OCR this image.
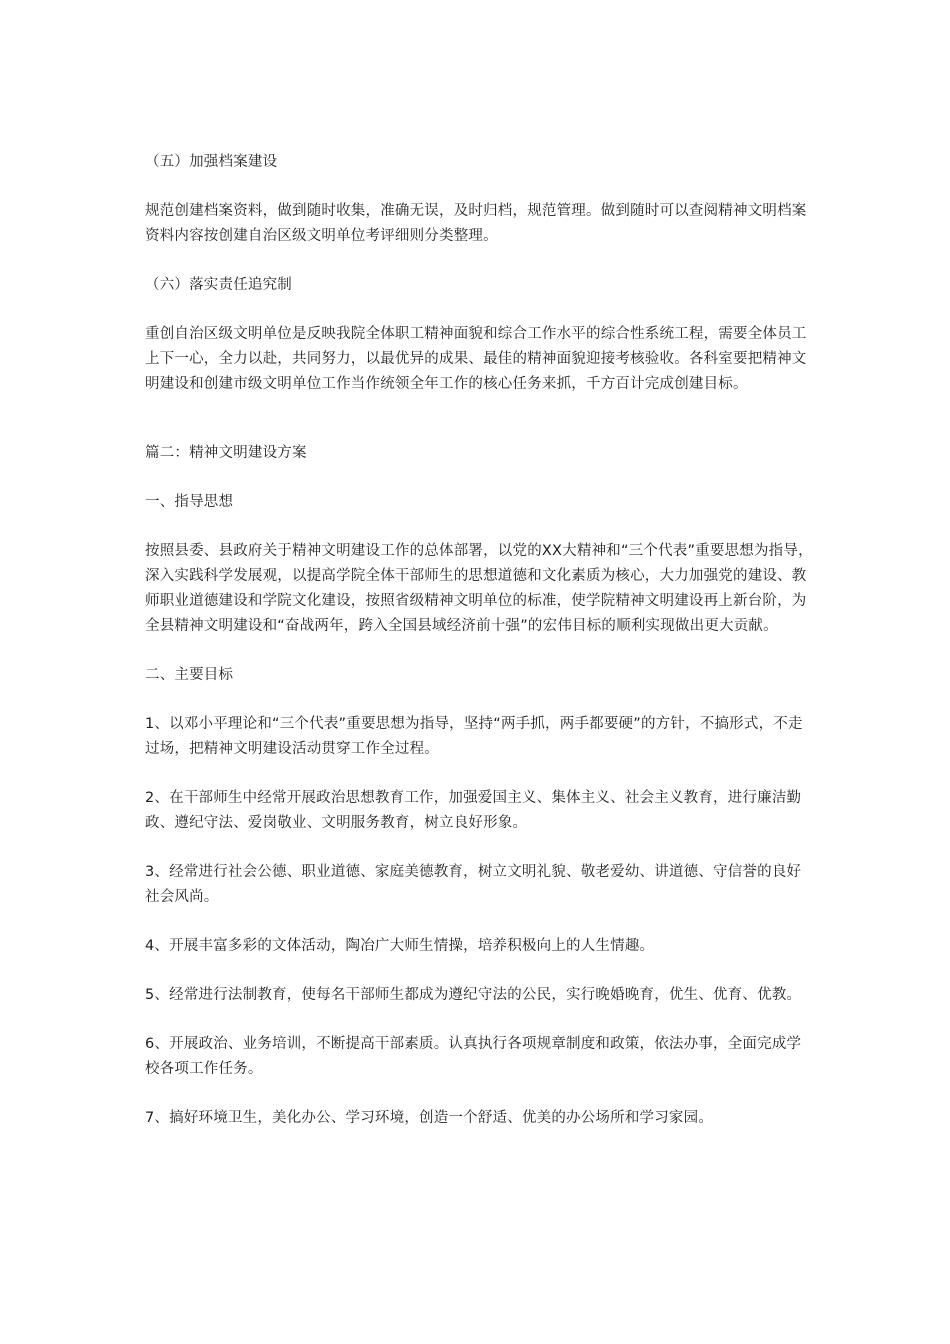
（五）加强档案建设

规范创建档案资料，做到随时收集，准确无误，及时归档，规范管理。做到随时可以查阅精神文明档案资料内容按创建自治区级文明单位考评细则分类整理。

（六）落实责任追究制

重创自治区级文明单位是反映我院全体职工精神面貌和综合工作水平的综合性系统工程，需要全体员工上下一心，全力以赴，共同努力，以最优异的成果、最佳的精神面貌迎接考核验收。各科室要把精神文明建设和创建市级文明单位工作当作统领全年工作的核心任务来抓，千方百计完成创建目标。

篇二：精神文明建设方案

一、指导思想

按照县委、县政府关于精神文明建设工作的总体部署，以党的XX大精神和“三个代表”重要思想为指导，深入实践科学发展观，以提高学院全体干部师生的思想道德和文化素质为核心，大力加强党的建设、教师职业道德建设和学院文化建设，按照省级精神文明单位的标准，使学院精神文明建设再上新台阶，为全县精神文明建设和“奋战两年，跨入全国县域经济前十强”的宏伟目标的顺利实现做出更大贡献。

二、主要目标

1、以邓小平理论和“三个代表”重要思想为指导，坚持“两手抓，两手都要硬”的方针，不搞形式，不走过场，把精神文明建设活动贯穿工作全过程。

2、在干部师生中经常开展政治思想教育工作，加强爱国主义、集体主义、社会主义教育，进行廉洁勤政、遵纪守法、爱岗敬业、文明服务教育，树立良好形象。

3、经常进行社会公德、职业道德、家庭美德教育，树立文明礼貌、敬老爱幼、讲道德、守信誉的良好社会风尚。

4、开展丰富多彩的文体活动，陶冶广大师生情操，培养积极向上的人生情趣。

5、经常进行法制教育，使每名干部师生都成为遵纪守法的公民，实行晚婚晚育，优生、优育、优教。

6、开展政治、业务培训，不断提高干部素质。认真执行各项规章制度和政策，依法办事，全面完成学校各项工作任务。

7、搞好环境卫生，美化办公、学习环境，创造一个舒适、优美的办公场所和学习家园。
